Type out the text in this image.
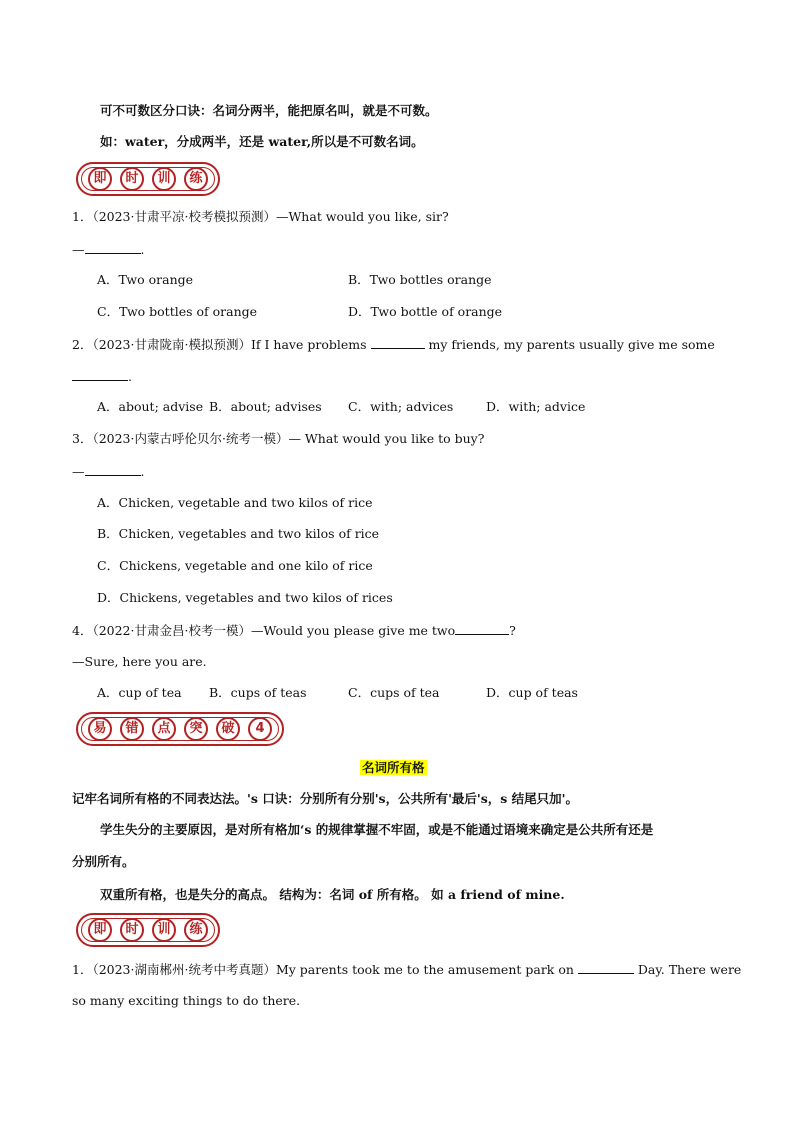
可不可数区分口诀：名词分两半，能把原名叫，就是不可数。
如：water，分成两半，还是 water,所以是不可数名词。
即	时	训	练
1．（2023·甘肃平凉·校考模拟预测）—What would you like, sir?
—	.
A．Two orange	B．Two bottles orange
C．Two bottles of orange	D．Two bottle of orange
2．（2023·甘肃陇南·模拟预测）If I have problems	my friends, my parents usually give me some
.
A．about; advise B．about; advises C．with; advices	D．with; advice
3．（2023·内蒙古呼伦贝尔·统考一模）— What would you like to buy?
—	.
A．Chicken, vegetable and two kilos of rice
B．Chicken, vegetables and two kilos of rice
C．Chickens, vegetable and one kilo of rice
D．Chickens, vegetables and two kilos of rices
4．（2022·甘肃金昌·校考一模）—Would you please give me two	?
—Sure, here you are.
A．cup of tea B．cups of teas	C．cups of tea	D．cup of teas
易	错	点	突	破	4
名词所有格
记牢名词所有格的不同表达法。's 口诀：分别所有分别's，公共所有'最后's，s 结尾只加'。
学生失分的主要原因，是对所有格加‘s 的规律掌握不牢固，或是不能通过语境来确定是公共所有还是
分别所有。
双重所有格，也是失分的高点。 结构为：名词 of 所有格。 如 a friend of mine.
即	时	训	练
1．（2023·湖南郴州·统考中考真题）My parents took me to the amusement park on	Day. There were
so many exciting things to do there.
